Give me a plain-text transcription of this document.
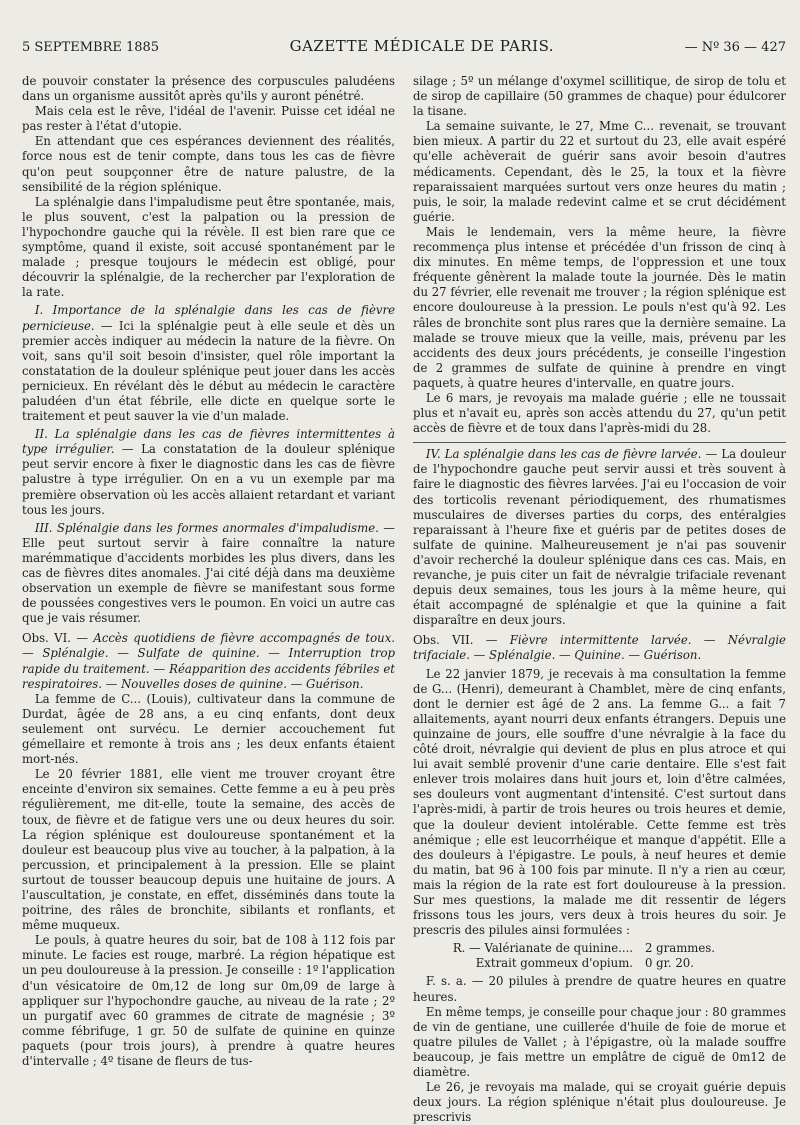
5 SEPTEMBRE 1885	GAZETTE MÉDICALE DE PARIS.	— Nº 36 — 427

de pouvoir constater la présence des corpuscules paludéens dans un organisme aussitôt après qu'ils y auront pénétré.

Mais cela est le rêve, l'idéal de l'avenir. Puisse cet idéal ne pas rester à l'état d'utopie.

En attendant que ces espérances deviennent des réalités, force nous est de tenir compte, dans tous les cas de fièvre qu'on peut soupçonner être de nature palustre, de la sensibilité de la région splénique.

La splénalgie dans l'impaludisme peut être spontanée, mais, le plus souvent, c'est la palpation ou la pression de l'hypochondre gauche qui la révèle. Il est bien rare que ce symptôme, quand il existe, soit accusé spontanément par le malade ; presque toujours le médecin est obligé, pour découvrir la splénalgie, de la rechercher par l'exploration de la rate.

I. Importance de la splénalgie dans les cas de fièvre pernicieuse. — Ici la splénalgie peut à elle seule et dès un premier accès indiquer au médecin la nature de la fièvre. On voit, sans qu'il soit besoin d'insister, quel rôle important la constatation de la douleur splénique peut jouer dans les accès pernicieux. En révélant dès le début au médecin le caractère paludéen d'un état fébrile, elle dicte en quelque sorte le traitement et peut sauver la vie d'un malade.

II. La splénalgie dans les cas de fièvres intermittentes à type irrégulier. — La constatation de la douleur splénique peut servir encore à fixer le diagnostic dans les cas de fièvre palustre à type irrégulier. On en a vu un exemple par ma première observation où les accès allaient retardant et variant tous les jours.

III. Splénalgie dans les formes anormales d'impaludisme. — Elle peut surtout servir à faire connaître la nature marémmatique d'accidents morbides les plus divers, dans les cas de fièvres dites anomales. J'ai cité déjà dans ma deuxième observation un exemple de fièvre se manifestant sous forme de poussées congestives vers le poumon. En voici un autre cas que je vais résumer.

Obs. VI. — Accès quotidiens de fièvre accompagnés de toux. — Splénalgie. — Sulfate de quinine. — Interruption trop rapide du traitement. — Réapparition des accidents fébriles et respiratoires. — Nouvelles doses de quinine. — Guérison.

La femme de C... (Louis), cultivateur dans la commune de Durdat, âgée de 28 ans, a eu cinq enfants, dont deux seulement ont survécu. Le dernier accouchement fut gémellaire et remonte à trois ans ; les deux enfants étaient mort-nés.

Le 20 février 1881, elle vient me trouver croyant être enceinte d'environ six semaines. Cette femme a eu à peu près régulièrement, me dit-elle, toute la semaine, des accès de toux, de fièvre et de fatigue vers une ou deux heures du soir. La région splénique est douloureuse spontanément et la douleur est beaucoup plus vive au toucher, à la palpation, à la percussion, et principalement à la pression. Elle se plaint surtout de tousser beaucoup depuis une huitaine de jours. A l'auscultation, je constate, en effet, disséminés dans toute la poitrine, des râles de bronchite, sibilants et ronflants, et même muqueux.

Le pouls, à quatre heures du soir, bat de 108 à 112 fois par minute. Le facies est rouge, marbré. La région hépatique est un peu douloureuse à la pression. Je conseille : 1º l'application d'un vésicatoire de 0m,12 de long sur 0m,09 de large à appliquer sur l'hypochondre gauche, au niveau de la rate ; 2º un purgatif avec 60 grammes de citrate de magnésie ; 3º comme fébrifuge, 1 gr. 50 de sulfate de quinine en quinze paquets (pour trois jours), à prendre à quatre heures d'intervalle ; 4º tisane de fleurs de tus-

silage ; 5º un mélange d'oxymel scillitique, de sirop de tolu et de sirop de capillaire (50 grammes de chaque) pour édulcorer la tisane.

La semaine suivante, le 27, Mme C... revenait, se trouvant bien mieux. A partir du 22 et surtout du 23, elle avait espéré qu'elle achèverait de guérir sans avoir besoin d'autres médicaments. Cependant, dès le 25, la toux et la fièvre reparaissaient marquées surtout vers onze heures du matin ; puis, le soir, la malade redevint calme et se crut décidément guérie.

Mais le lendemain, vers la même heure, la fièvre recommença plus intense et précédée d'un frisson de cinq à dix minutes. En même temps, de l'oppression et une toux fréquente gênèrent la malade toute la journée. Dès le matin du 27 février, elle revenait me trouver ; la région splénique est encore douloureuse à la pression. Le pouls n'est qu'à 92. Les râles de bronchite sont plus rares que la dernière semaine. La malade se trouve mieux que la veille, mais, prévenu par les accidents des deux jours précédents, je conseille l'ingestion de 2 grammes de sulfate de quinine à prendre en vingt paquets, à quatre heures d'intervalle, en quatre jours.

Le 6 mars, je revoyais ma malade guérie ; elle ne toussait plus et n'avait eu, après son accès attendu du 27, qu'un petit accès de fièvre et de toux dans l'après-midi du 28.

IV. La splénalgie dans les cas de fièvre larvée. — La douleur de l'hypochondre gauche peut servir aussi et très souvent à faire le diagnostic des fièvres larvées. J'ai eu l'occasion de voir des torticolis revenant périodiquement, des rhumatismes musculaires de diverses parties du corps, des entéralgies reparaissant à l'heure fixe et guéris par de petites doses de sulfate de quinine. Malheureusement je n'ai pas souvenir d'avoir recherché la douleur splénique dans ces cas. Mais, en revanche, je puis citer un fait de névralgie trifaciale revenant depuis deux semaines, tous les jours à la même heure, qui était accompagné de splénalgie et que la quinine a fait disparaître en deux jours.

Obs. VII. — Fièvre intermittente larvée. — Névralgie trifaciale. — Splénalgie. — Quinine. — Guérison.

Le 22 janvier 1879, je recevais à ma consultation la femme de G... (Henri), demeurant à Chamblet, mère de cinq enfants, dont le dernier est âgé de 2 ans. La femme G... a fait 7 allaitements, ayant nourri deux enfants étrangers. Depuis une quinzaine de jours, elle souffre d'une névralgie à la face du côté droit, névralgie qui devient de plus en plus atroce et qui lui avait semblé provenir d'une carie dentaire. Elle s'est fait enlever trois molaires dans huit jours et, loin d'être calmées, ses douleurs vont augmentant d'intensité. C'est surtout dans l'après-midi, à partir de trois heures ou trois heures et demie, que la douleur devient intolérable. Cette femme est très anémique ; elle est leucorrhéique et manque d'appétit. Elle a des douleurs à l'épigastre. Le pouls, à neuf heures et demie du matin, bat 96 à 100 fois par minute. Il n'y a rien au cœur, mais la région de la rate est fort douloureuse à la pression. Sur mes questions, la malade me dit ressentir de légers frissons tous les jours, vers deux à trois heures du soir. Je prescris des pilules ainsi formulées :

R. — Valérianate de quinine....	2 grammes.
Extrait gommeux d'opium.	0 gr. 20.

F. s. a. — 20 pilules à prendre de quatre heures en quatre heures.

En même temps, je conseille pour chaque jour : 80 grammes de vin de gentiane, une cuillerée d'huile de foie de morue et quatre pilules de Vallet ; à l'épigastre, où la malade souffre beaucoup, je fais mettre un emplâtre de ciguë de 0m12 de diamètre.

Le 26, je revoyais ma malade, qui se croyait guérie depuis deux jours. La région splénique n'était plus douloureuse. Je prescrivis
